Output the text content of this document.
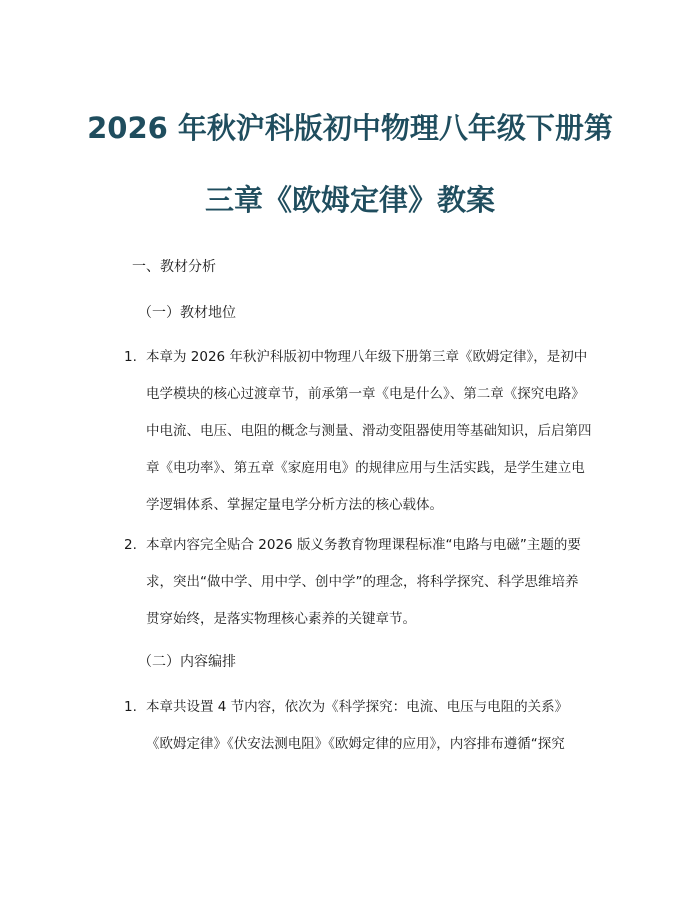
2026 年秋沪科版初中物理八年级下册第
三章《欧姆定律》教案
一、教材分析
（一）教材地位
1. 本章为 2026 年秋沪科版初中物理八年级下册第三章《欧姆定律》，是初中
电学模块的核心过渡章节，前承第一章《电是什么》、第二章《探究电路》
中电流、电压、电阻的概念与测量、滑动变阻器使用等基础知识，后启第四
章《电功率》、第五章《家庭用电》的规律应用与生活实践，是学生建立电
学逻辑体系、掌握定量电学分析方法的核心载体。
2. 本章内容完全贴合 2026 版义务教育物理课程标准“电路与电磁”主题的要
求，突出“做中学、用中学、创中学”的理念，将科学探究、科学思维培养
贯穿始终，是落实物理核心素养的关键章节。
（二）内容编排
1. 本章共设置 4 节内容，依次为《科学探究：电流、电压与电阻的关系》
《欧姆定律》《伏安法测电阻》《欧姆定律的应用》，内容排布遵循“探究
